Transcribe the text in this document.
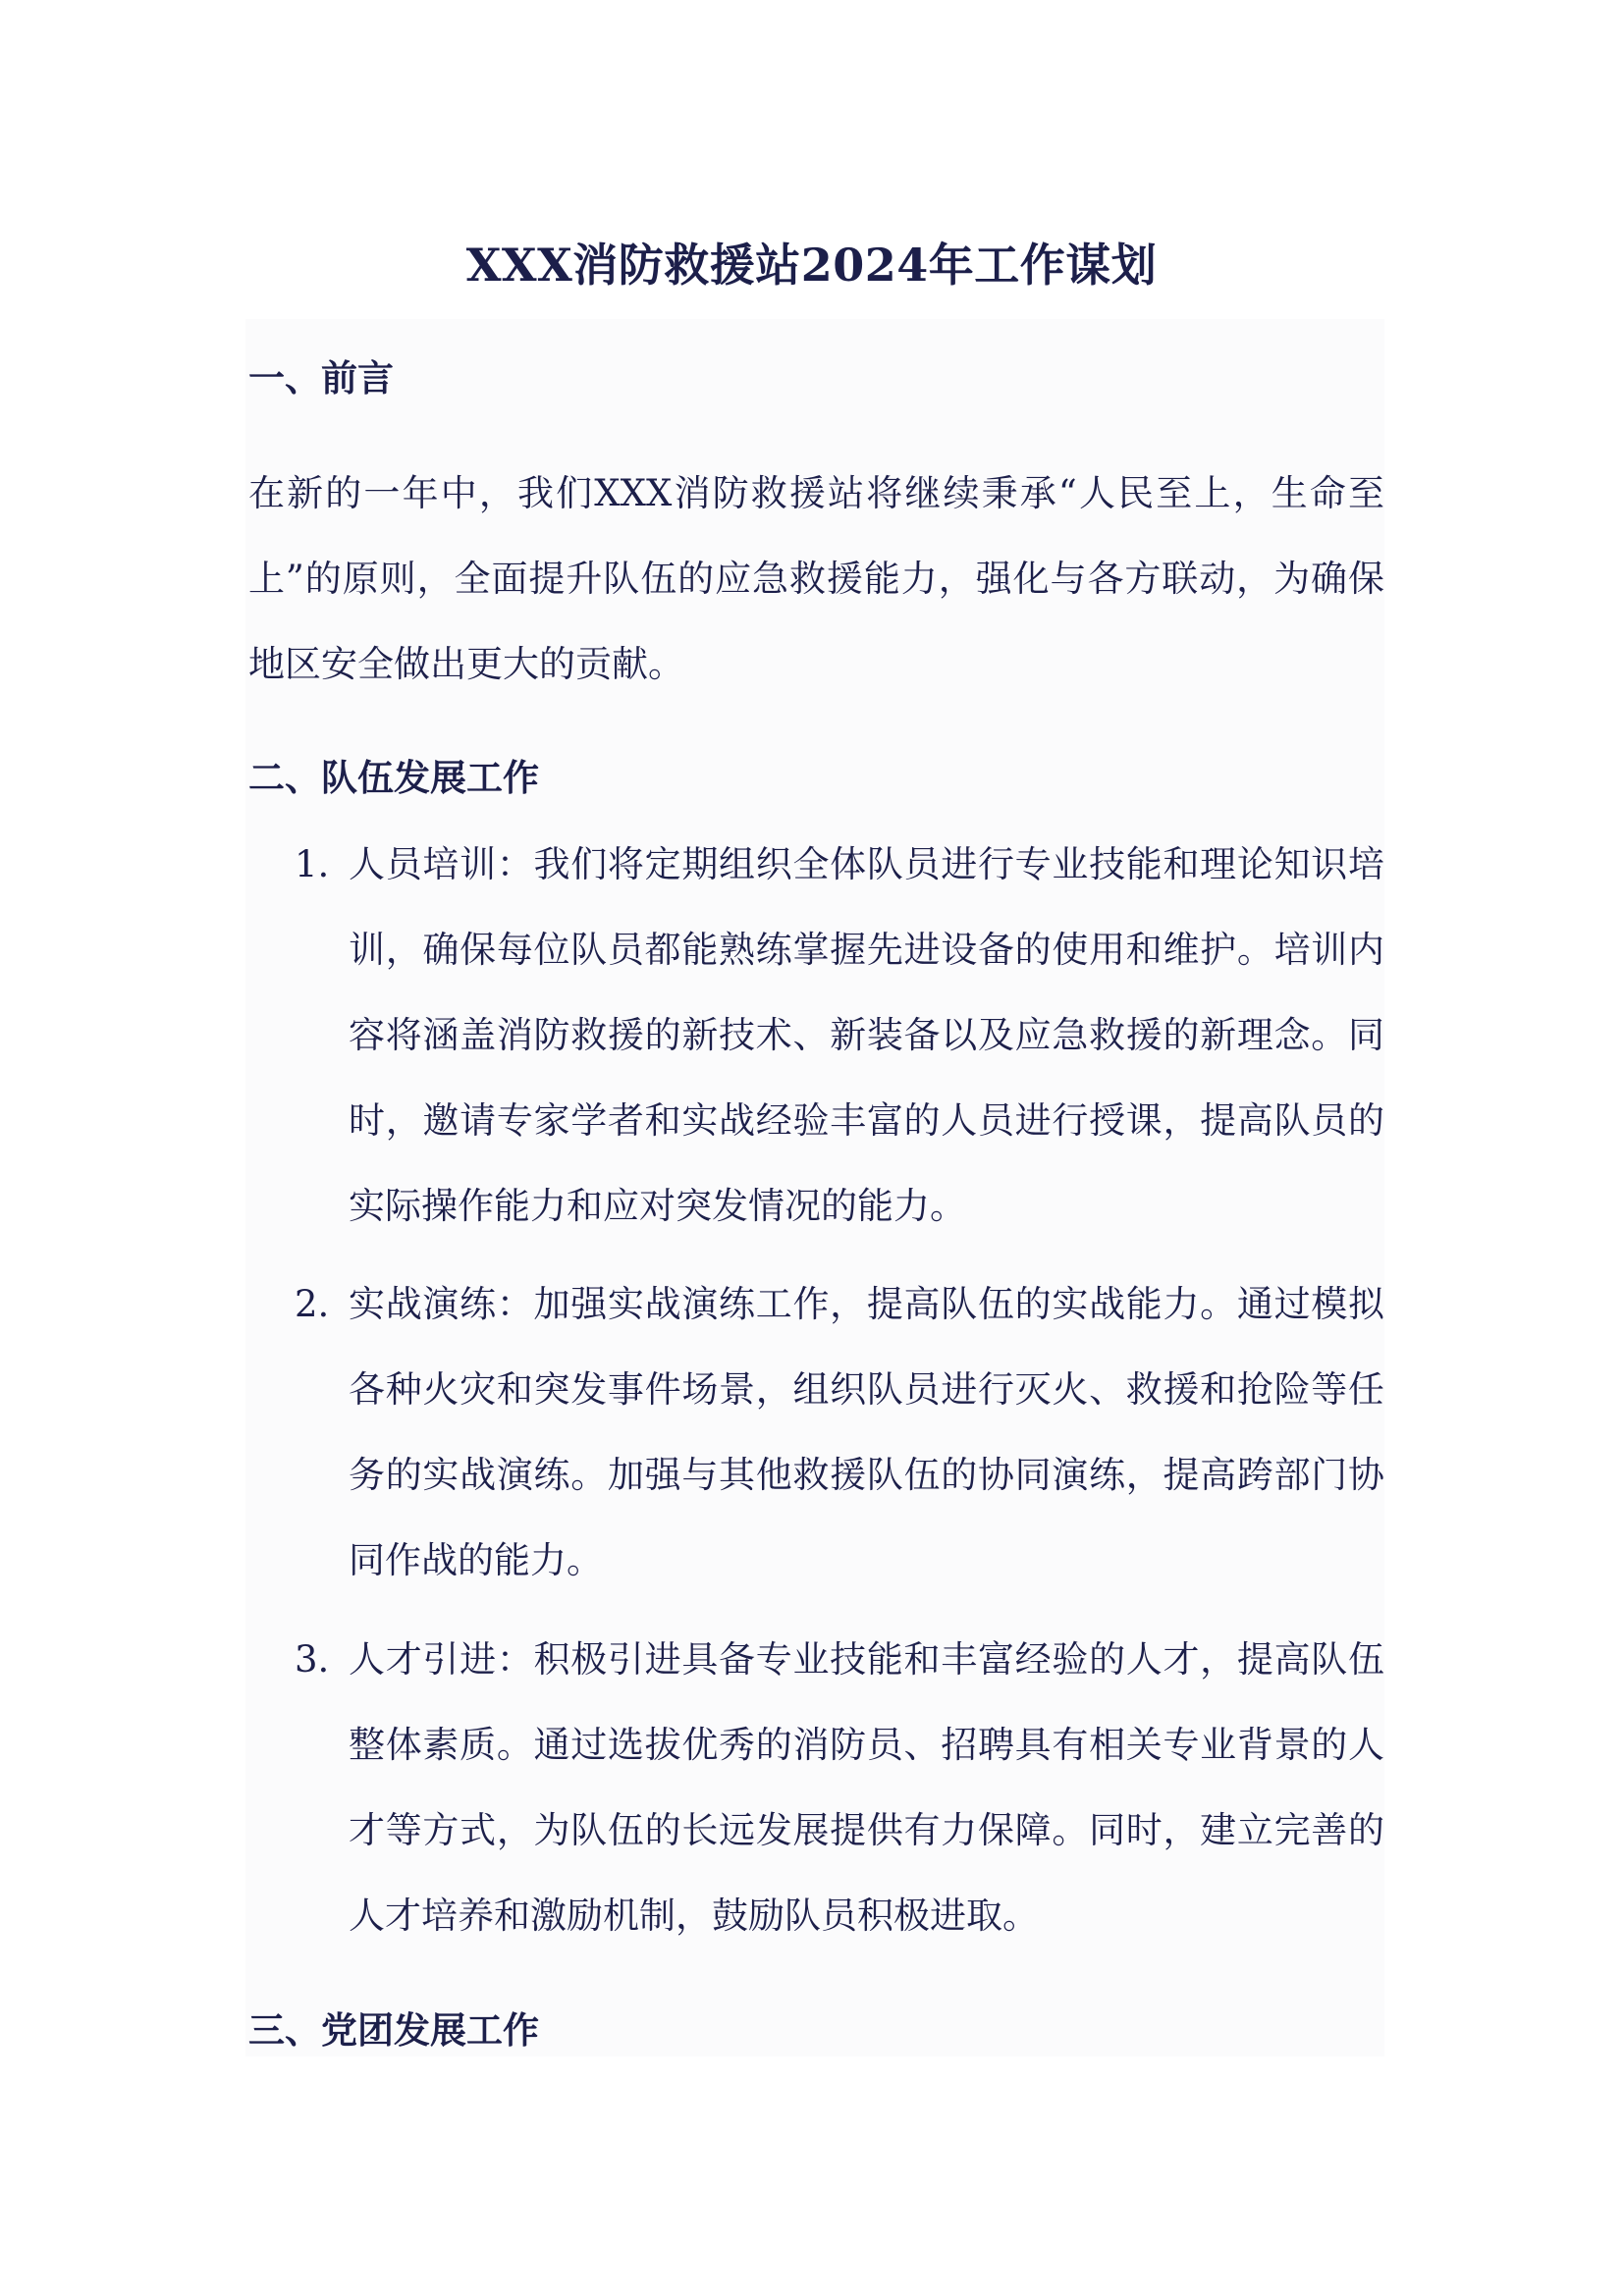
XXX消防救援站2024年工作谋划
一、前言
在新的一年中，我们XXX消防救援站将继续秉承“人民至上，生命至上”的原则，全面提升队伍的应急救援能力，强化与各方联动，为确保地区安全做出更大的贡献。
二、队伍发展工作
1. 人员培训：我们将定期组织全体队员进行专业技能和理论知识培训，确保每位队员都能熟练掌握先进设备的使用和维护。培训内容将涵盖消防救援的新技术、新装备以及应急救援的新理念。同时，邀请专家学者和实战经验丰富的人员进行授课，提高队员的实际操作能力和应对突发情况的能力。
2. 实战演练：加强实战演练工作，提高队伍的实战能力。通过模拟各种火灾和突发事件场景，组织队员进行灭火、救援和抢险等任务的实战演练。加强与其他救援队伍的协同演练，提高跨部门协同作战的能力。
3. 人才引进：积极引进具备专业技能和丰富经验的人才，提高队伍整体素质。通过选拔优秀的消防员、招聘具有相关专业背景的人才等方式，为队伍的长远发展提供有力保障。同时，建立完善的人才培养和激励机制，鼓励队员积极进取。
三、党团发展工作
